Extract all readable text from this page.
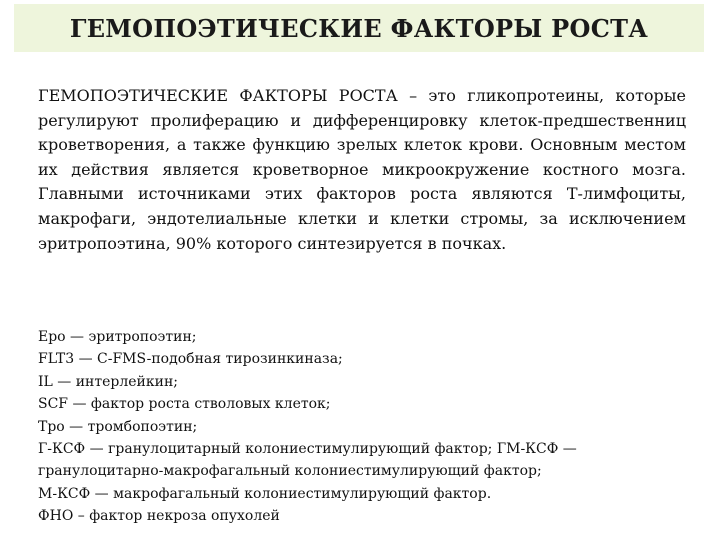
ГЕМОПОЭТИЧЕСКИЕ ФАКТОРЫ РОСТА

ГЕМОПОЭТИЧЕСКИЕ ФАКТОРЫ РОСТА – это гликопротеины, которые регулируют пролиферацию и дифференцировку клеток-предшественниц кроветворения, а также функцию зрелых клеток крови. Основным местом их действия является кроветворное микроокружение костного мозга. Главными источниками этих факторов роста являются Т-лимфоциты, макрофаги, эндотелиальные клетки и клетки стромы, за исключением эритропоэтина, 90% которого синтезируется в почках.

Epo — эритропоэтин;
FLT3 — C-FMS-подобная тирозинкиназа;
IL — интерлейкин;
SCF — фактор роста стволовых клеток;
Tpo — тромбопоэтин;
Г-КСФ — гранулоцитарный колониестимулирующий фактор; ГМ-КСФ — гранулоцитарно-макрофагальный колониестимулирующий фактор;
М-КСФ — макрофагальный колониестимулирующий фактор.
ФНО – фактор некроза опухолей
